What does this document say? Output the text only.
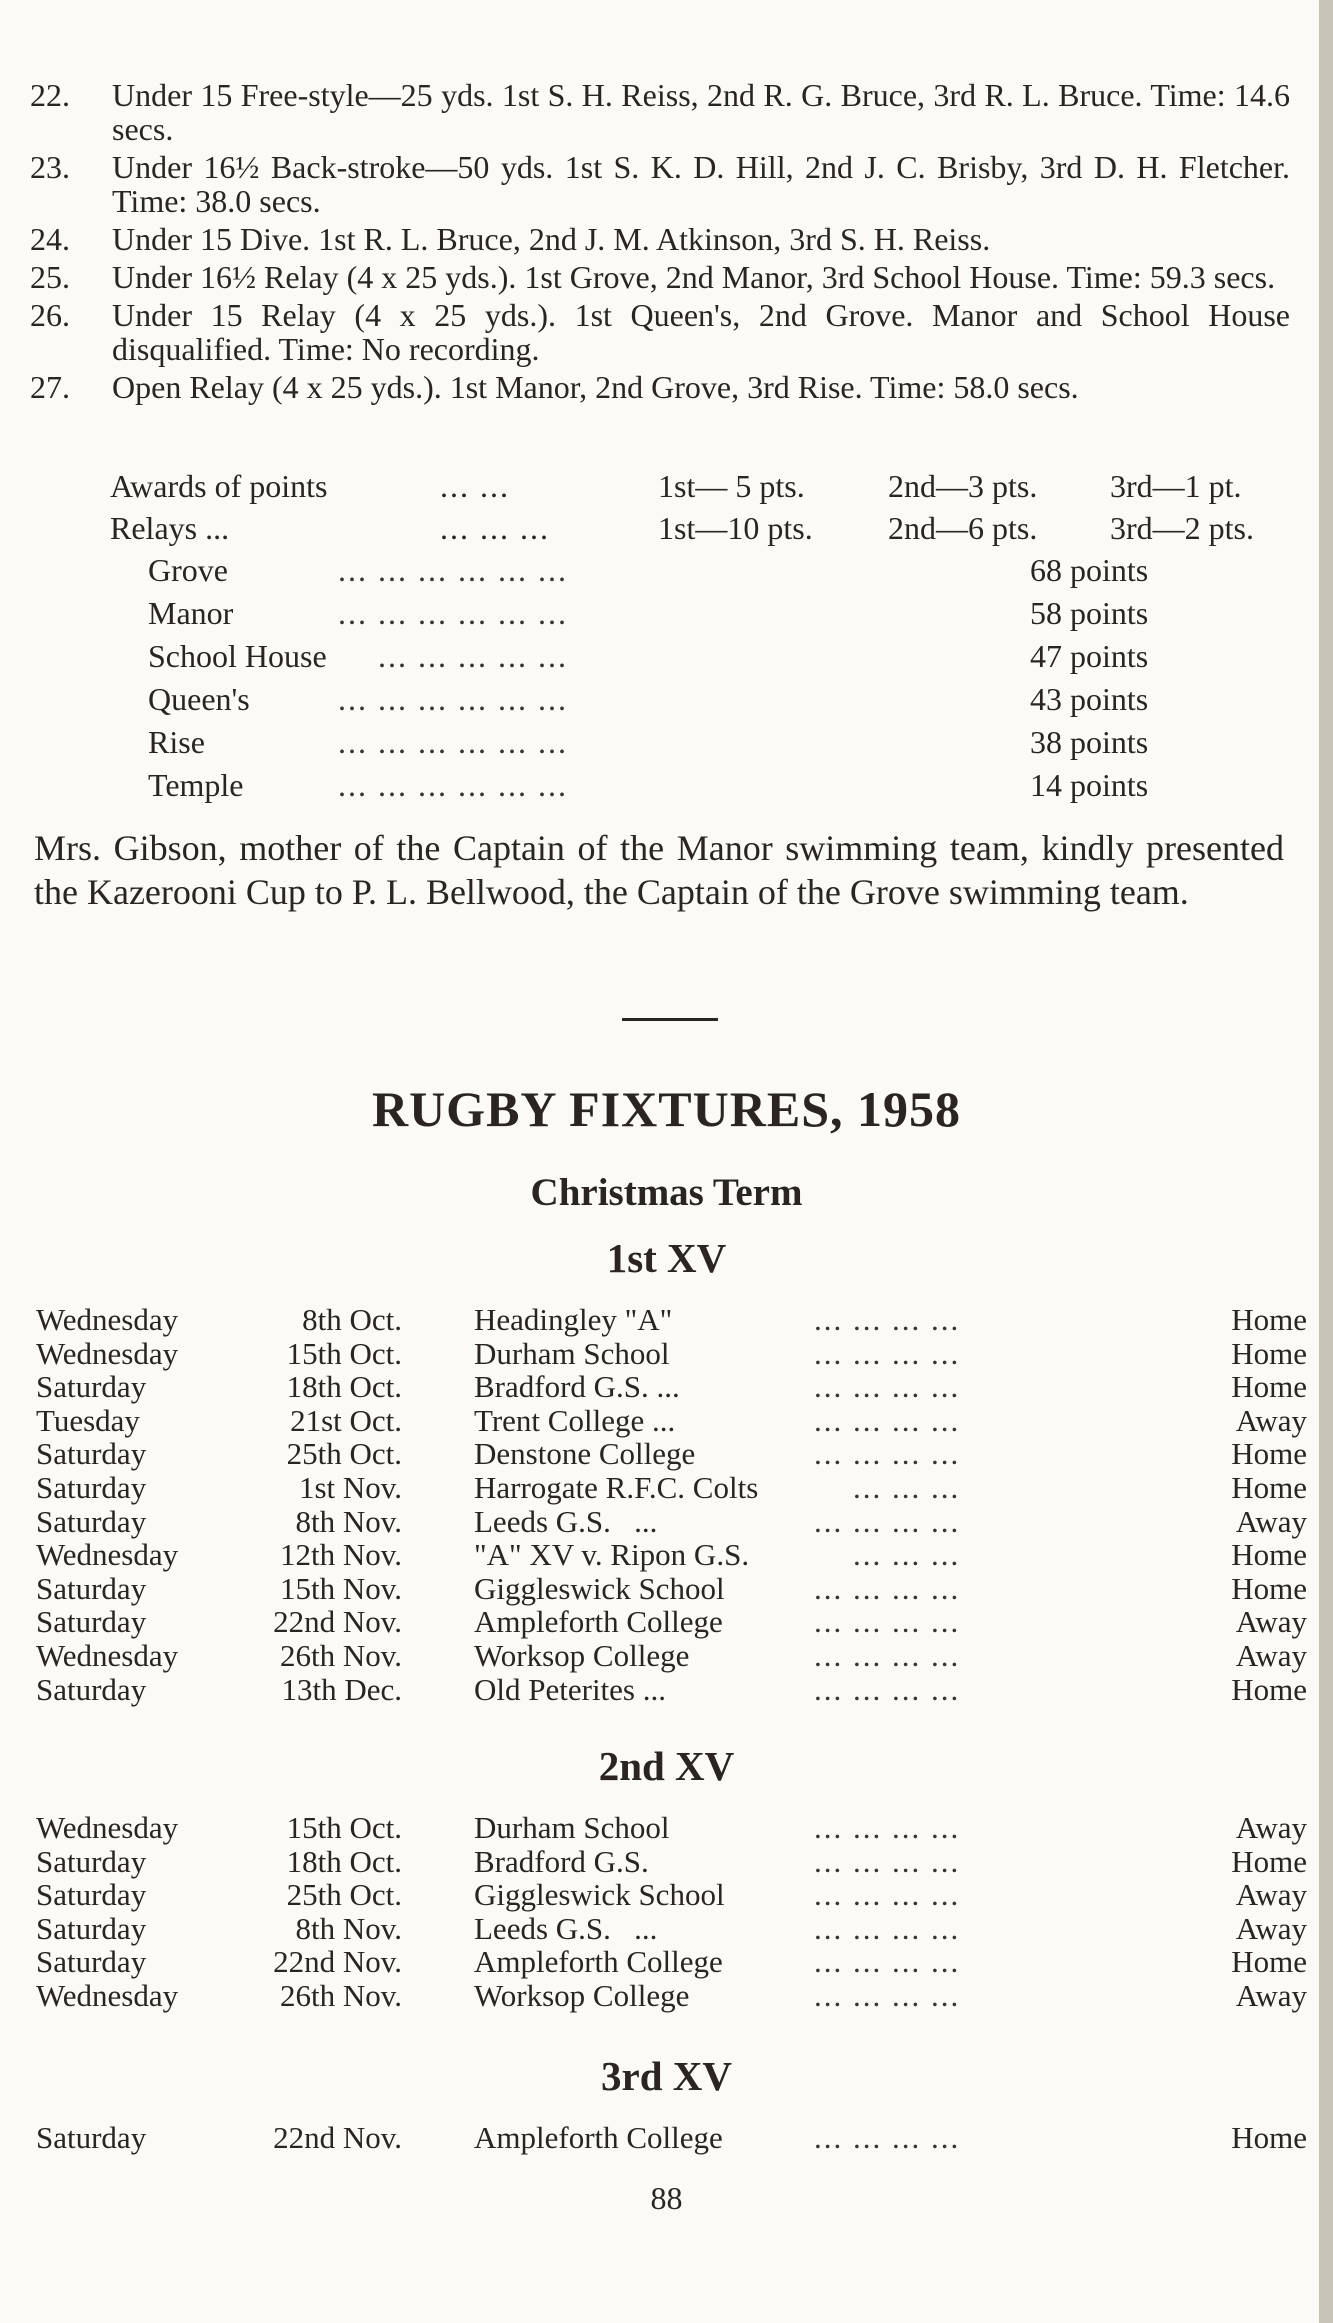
22.	Under 15 Free-style—25 yds. 1st S. H. Reiss, 2nd R. G. Bruce, 3rd R. L. Bruce. Time: 14.6 secs.
23.	Under 16½ Back-stroke—50 yds. 1st S. K. D. Hill, 2nd J. C. Brisby, 3rd D. H. Fletcher. Time: 38.0 secs.
24.	Under 15 Dive. 1st R. L. Bruce, 2nd J. M. Atkinson, 3rd S. H. Reiss.
25.	Under 16½ Relay (4 x 25 yds.). 1st Grove, 2nd Manor, 3rd School House. Time: 59.3 secs.
26.	Under 15 Relay (4 x 25 yds.). 1st Queen's, 2nd Grove. Manor and School House disqualified. Time: No recording.
27.	Open Relay (4 x 25 yds.). 1st Manor, 2nd Grove, 3rd Rise. Time: 58.0 secs.
Awards of points	... ...	1st— 5 pts.	2nd—3 pts. 3rd—1 pt.
Relays ...	... ... ...	1st—10 pts. 2nd—6 pts. 3rd—2 pts.
Grove	... ... ... ... ... ...	68 points
Manor	... ... ... ... ... ...	58 points
School House ... ... ... ... ...	47 points
Queen's	... ... ... ... ... ...	43 points
Rise	... ... ... ... ... ...	38 points
Temple	... ... ... ... ... ...	14 points

Mrs. Gibson, mother of the Captain of the Manor swimming team, kindly presented the Kazerooni Cup to P. L. Bellwood, the Captain of the Grove swimming team.

RUGBY FIXTURES, 1958
Christmas Term
1st XV
Wednesday	8th Oct. Headingley "A"	... ... ... ...	Home
Wednesday	15th Oct. Durham School	... ... ... ...	Home
Saturday	18th Oct. Bradford G.S. ...	... ... ... ...	Home
Tuesday	21st Oct. Trent College ...	... ... ... ...	Away
Saturday	25th Oct. Denstone College	... ... ... ...	Home
Saturday	1st Nov. Harrogate R.F.C. Colts ... ... ...	Home
Saturday	8th Nov. Leeds G.S.   ...	... ... ... ...	Away
Wednesday	12th Nov. "A" XV v. Ripon G.S. ... ... ...	Home
Saturday	15th Nov. Giggleswick School	... ... ... ...	Home
Saturday	22nd Nov. Ampleforth College	... ... ... ...	Away
Wednesday	26th Nov. Worksop College	... ... ... ...	Away
Saturday	13th Dec. Old Peterites ...	... ... ... ...	Home
2nd XV
Wednesday	15th Oct. Durham School	... ... ... ...	Away
Saturday	18th Oct. Bradford G.S.	... ... ... ...	Home
Saturday	25th Oct. Giggleswick School	... ... ... ...	Away
Saturday	8th Nov. Leeds G.S.   ...	... ... ... ...	Away
Saturday	22nd Nov. Ampleforth College	... ... ... ...	Home
Wednesday	26th Nov. Worksop College	... ... ... ...	Away
3rd XV
Saturday	22nd Nov. Ampleforth College	... ... ... ...	Home
88
